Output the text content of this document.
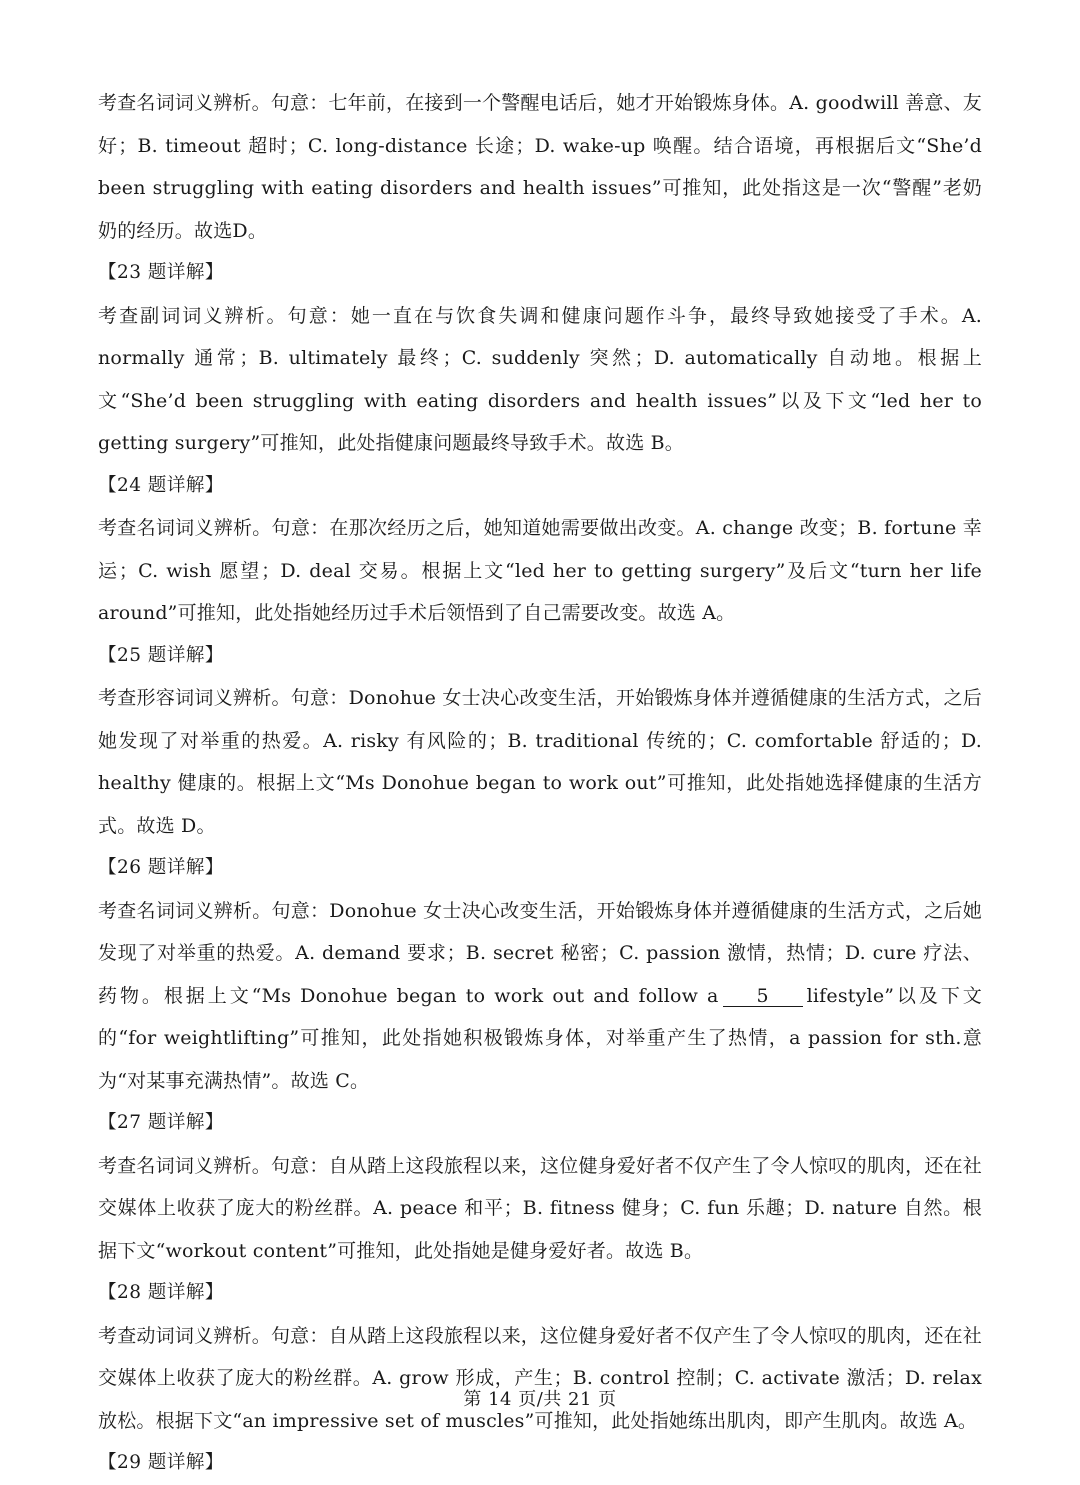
考查名词词义辨析。句意：七年前，在接到一个警醒电话后，她才开始锻炼身体。A. goodwill 善意、友好；B. timeout 超时；C. long-distance 长途；D. wake-up 唤醒。结合语境，再根据后文“She’d been struggling with eating disorders and health issues”可推知，此处指这是一次“警醒”老奶奶的经历。故选D。

【23 题详解】

考查副词词义辨析。句意：她一直在与饮食失调和健康问题作斗争，最终导致她接受了手术。A. normally 通常；B. ultimately 最终；C. suddenly 突然；D. automatically 自动地。根据上文“She’d been struggling with eating disorders and health issues”以及下文“led her to getting surgery”可推知，此处指健康问题最终导致手术。故选 B。

【24 题详解】

考查名词词义辨析。句意：在那次经历之后，她知道她需要做出改变。A. change 改变；B. fortune 幸运；C. wish 愿望；D. deal 交易。根据上文“led her to getting surgery”及后文“turn her life around”可推知，此处指她经历过手术后领悟到了自己需要改变。故选 A。

【25 题详解】

考查形容词词义辨析。句意：Donohue 女士决心改变生活，开始锻炼身体并遵循健康的生活方式，之后她发现了对举重的热爱。A. risky 有风险的；B. traditional 传统的；C. comfortable 舒适的；D. healthy 健康的。根据上文“Ms Donohue began to work out”可推知，此处指她选择健康的生活方式。故选 D。

【26 题详解】

考查名词词义辨析。句意：Donohue 女士决心改变生活，开始锻炼身体并遵循健康的生活方式，之后她发现了对举重的热爱。A. demand 要求；B. secret 秘密；C. passion 激情，热情；D. cure 疗法、药物。根据上文“Ms Donohue began to work out and follow a 5 lifestyle”以及下文的“for weightlifting”可推知，此处指她积极锻炼身体，对举重产生了热情，a passion for sth.意为“对某事充满热情”。故选 C。

【27 题详解】

考查名词词义辨析。句意：自从踏上这段旅程以来，这位健身爱好者不仅产生了令人惊叹的肌肉，还在社交媒体上收获了庞大的粉丝群。A. peace 和平；B. fitness 健身；C. fun 乐趣；D. nature 自然。根据下文“workout content”可推知，此处指她是健身爱好者。故选 B。

【28 题详解】

考查动词词义辨析。句意：自从踏上这段旅程以来，这位健身爱好者不仅产生了令人惊叹的肌肉，还在社交媒体上收获了庞大的粉丝群。A. grow 形成，产生；B. control 控制；C. activate 激活；D. relax 放松。根据下文“an impressive set of muscles”可推知，此处指她练出肌肉，即产生肌肉。故选 A。

【29 题详解】

第 14 页/共 21 页
